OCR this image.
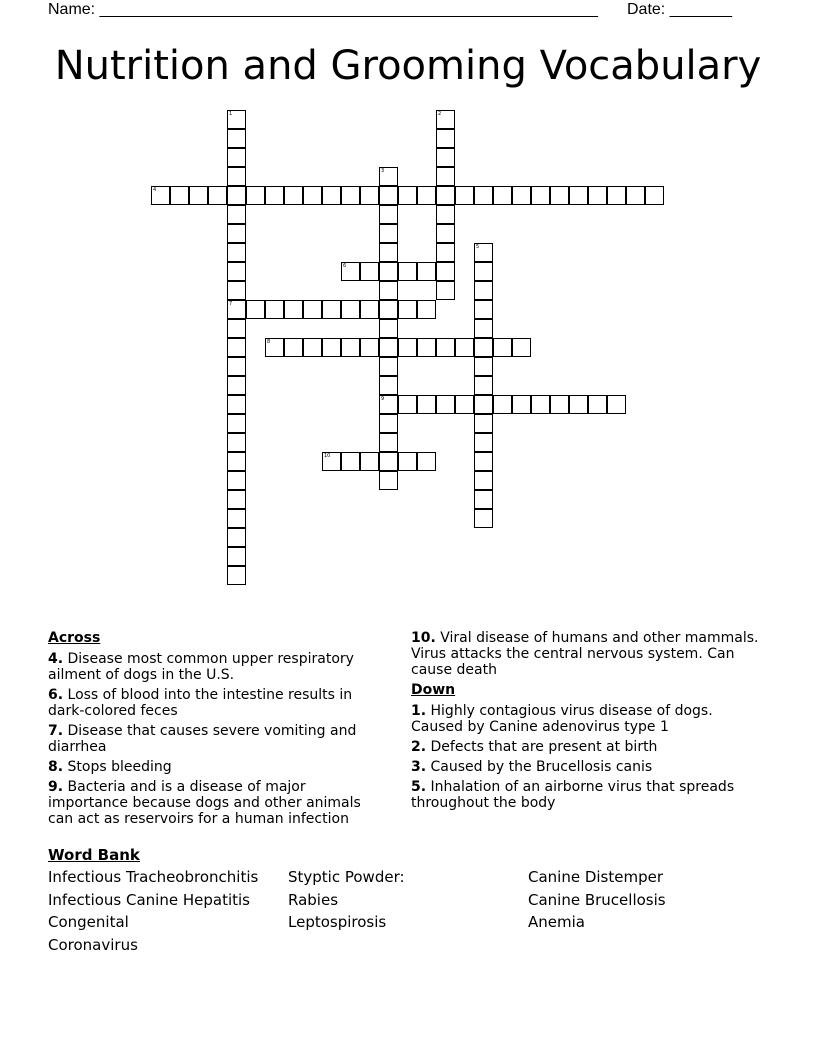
Name: ________________________________________________________ Date: _______
Nutrition and Grooming Vocabulary
1
7
2
3
9
4
5
6
8
10
Across
4. Disease most common upper respiratory ailment of dogs in the U.S.
6. Loss of blood into the intestine results in dark-colored feces
7. Disease that causes severe vomiting and diarrhea
8. Stops bleeding
9. Bacteria and is a disease of major importance because dogs and other animals can act as reservoirs for a human infection
10. Viral disease of humans and other mammals. Virus attacks the central nervous system. Can cause death
Down
1. Highly contagious virus disease of dogs. Caused by Canine adenovirus type 1
2. Defects that are present at birth
3. Caused by the Brucellosis canis
5. Inhalation of an airborne virus that spreads throughout the body
Word Bank
Infectious Tracheobronchitis	Styptic Powder:	Canine Distemper
Infectious Canine Hepatitis	Rabies	Canine Brucellosis
Congenital	Leptospirosis	Anemia
Coronavirus
